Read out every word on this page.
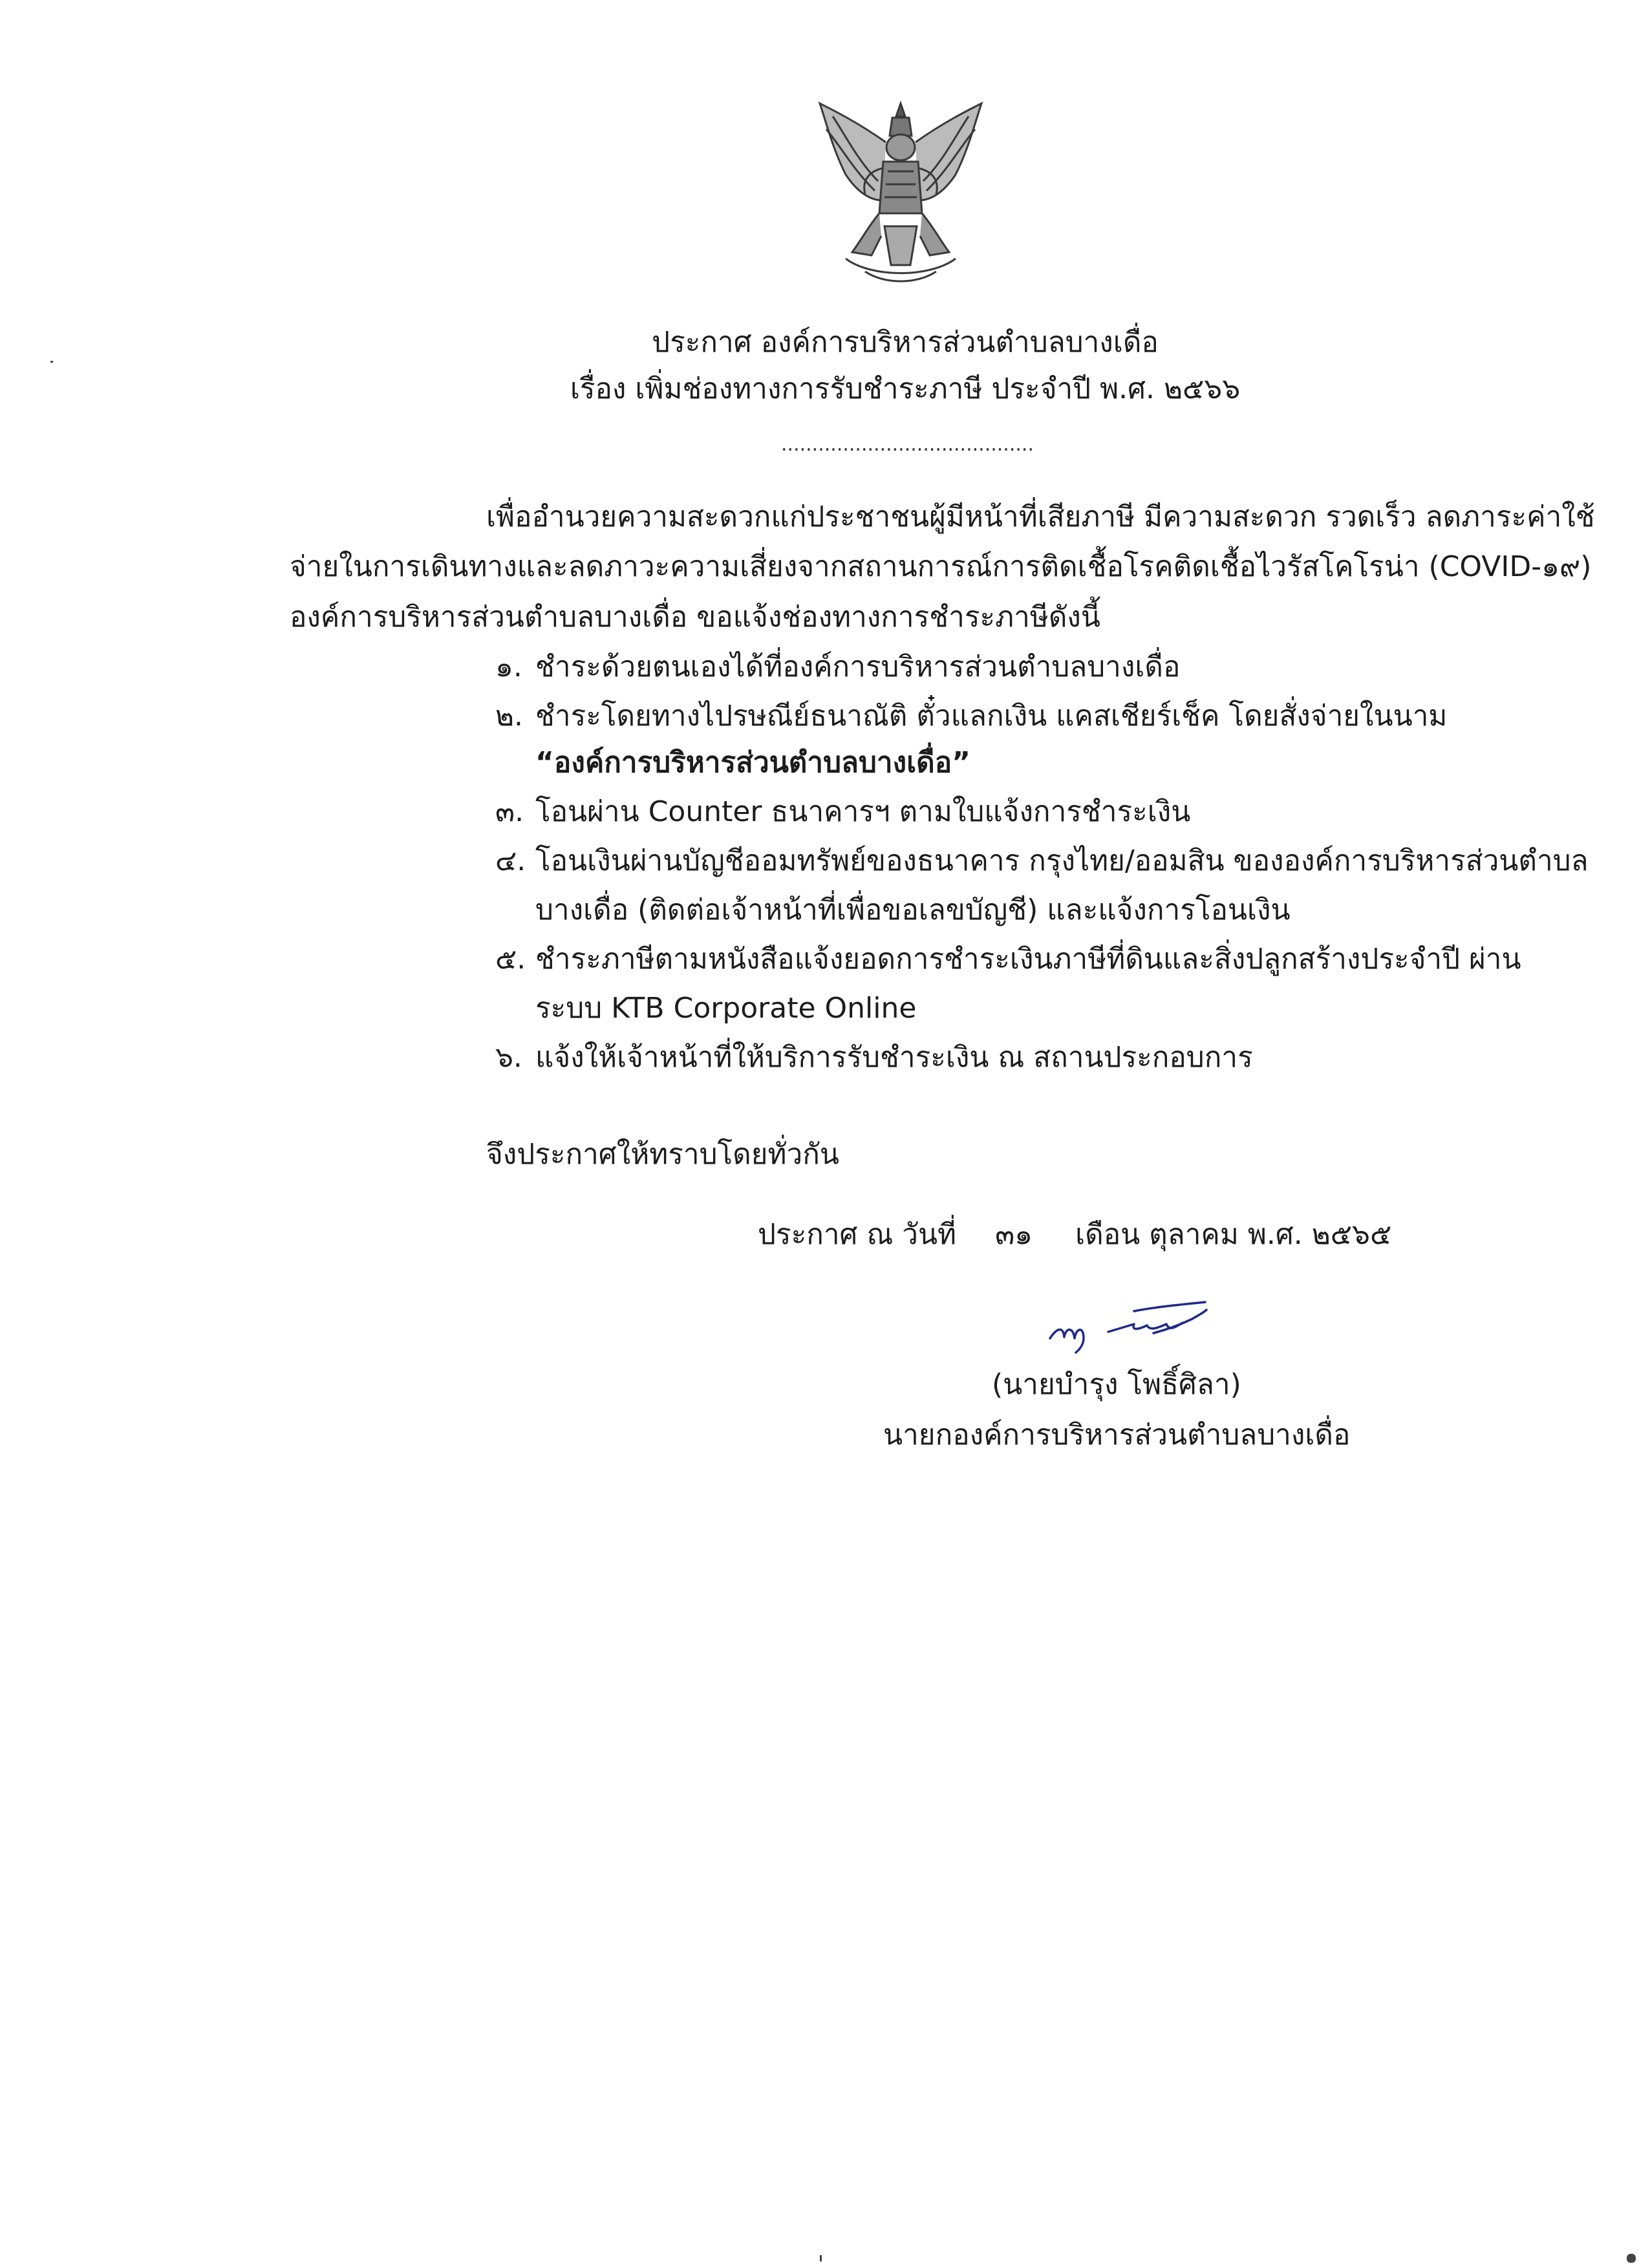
ประกาศ องค์การบริหารส่วนตำบลบางเดื่อ
เรื่อง เพิ่มช่องทางการรับชำระภาษี ประจำปี พ.ศ. ๒๕๖๖
.........................................
เพื่ออำนวยความสะดวกแก่ประชาชนผู้มีหน้าที่เสียภาษี มีความสะดวก รวดเร็ว ลดภาระค่าใช้
จ่ายในการเดินทางและลดภาวะความเสี่ยงจากสถานการณ์การติดเชื้อโรคติดเชื้อไวรัสโคโรน่า (COVID-๑๙)
องค์การบริหารส่วนตำบลบางเดื่อ ขอแจ้งช่องทางการชำระภาษีดังนี้
๑. ชำระด้วยตนเองได้ที่องค์การบริหารส่วนตำบลบางเดื่อ
๒. ชำระโดยทางไปรษณีย์ธนาณัติ ตั๋วแลกเงิน แคสเชียร์เช็ค โดยสั่งจ่ายในนาม
“องค์การบริหารส่วนตำบลบางเดื่อ”
๓. โอนผ่าน Counter ธนาคารฯ ตามใบแจ้งการชำระเงิน
๔. โอนเงินผ่านบัญชีออมทรัพย์ของธนาคาร กรุงไทย/ออมสิน ขององค์การบริหารส่วนตำบล
บางเดื่อ (ติดต่อเจ้าหน้าที่เพื่อขอเลขบัญชี) และแจ้งการโอนเงิน
๕. ชำระภาษีตามหนังสือแจ้งยอดการชำระเงินภาษีที่ดินและสิ่งปลูกสร้างประจำปี ผ่าน
ระบบ KTB Corporate Online
๖. แจ้งให้เจ้าหน้าที่ให้บริการรับชำระเงิน ณ สถานประกอบการ
จึงประกาศให้ทราบโดยทั่วกัน
ประกาศ ณ วันที่ ๓๑ เดือน ตุลาคม พ.ศ. ๒๕๖๕
(นายบำรุง โพธิ์ศิลา)
นายกองค์การบริหารส่วนตำบลบางเดื่อ
